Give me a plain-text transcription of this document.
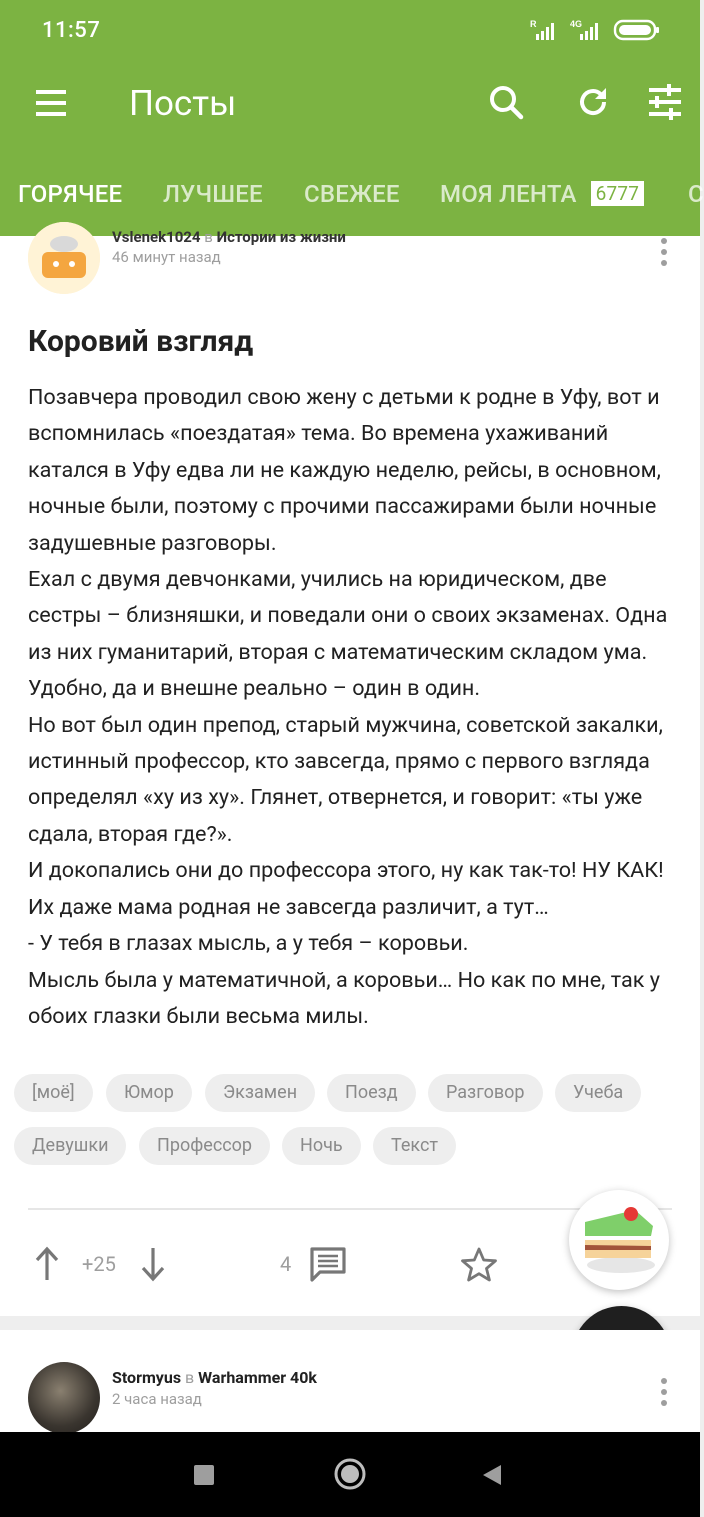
11:57	R	4G
Посты
ГОРЯЧЕЕ ЛУЧШЕЕ СВЕЖЕЕ МОЯ ЛЕНТА 6777 С
Vslenek1024 в Истории из жизни
46 минут назад
Коровий взгляд

Позавчера проводил свою жену с детьми к родне в Уфу, вот и вспомнилась «поездатая» тема. Во времена ухаживаний катался в Уфу едва ли не каждую неделю, рейсы, в основном, ночные были, поэтому с прочими пассажирами были ночные задушевные разговоры.

Ехал с двумя девчонками, учились на юридическом, две сестры – близняшки, и поведали они о своих экзаменах. Одна из них гуманитарий, вторая с математическим складом ума. Удобно, да и внешне реально – один в один.

Но вот был один препод, старый мужчина, советской закалки, истинный профессор, кто завсегда, прямо с первого взгляда определял «ху из ху». Глянет, отвернется, и говорит: «ты уже сдала, вторая где?».

И докопались они до профессора этого, ну как так-то! НУ КАК! Их даже мама родная не завсегда различит, а тут…

- У тебя в глазах мысль, а у тебя – коровьи.

Мысль была у математичной, а коровьи… Но как по мне, так у обоих глазки были весьма милы.

[моё]	Юмор	Экзамен	Поезд	Разговор	Учеба
Девушки	Профессор	Ночь	Текст
+25	4
Stormyus в Warhammer 40k
2 часа назад
